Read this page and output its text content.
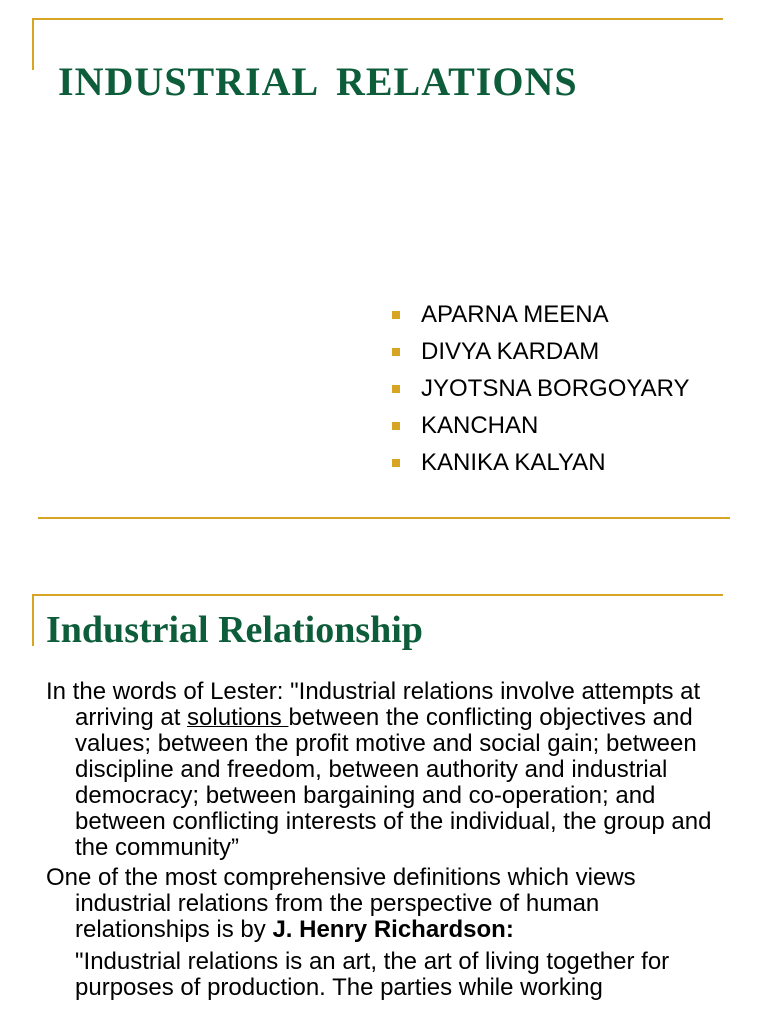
INDUSTRIAL RELATIONS
APARNA MEENA
DIVYA KARDAM
JYOTSNA BORGOYARY
KANCHAN
KANIKA KALYAN
Industrial Relationship

In the words of Lester: "Industrial relations involve attempts at arriving at solutions between the conflicting objectives and values; between the profit motive and social gain; between discipline and freedom, between authority and industrial democracy; between bargaining and co-operation; and between conflicting interests of the individual, the group and the community”

One of the most comprehensive definitions which views industrial relations from the perspective of human relationships is by J. Henry Richardson:

"Industrial relations is an art, the art of living together for purposes of production. The parties while working
